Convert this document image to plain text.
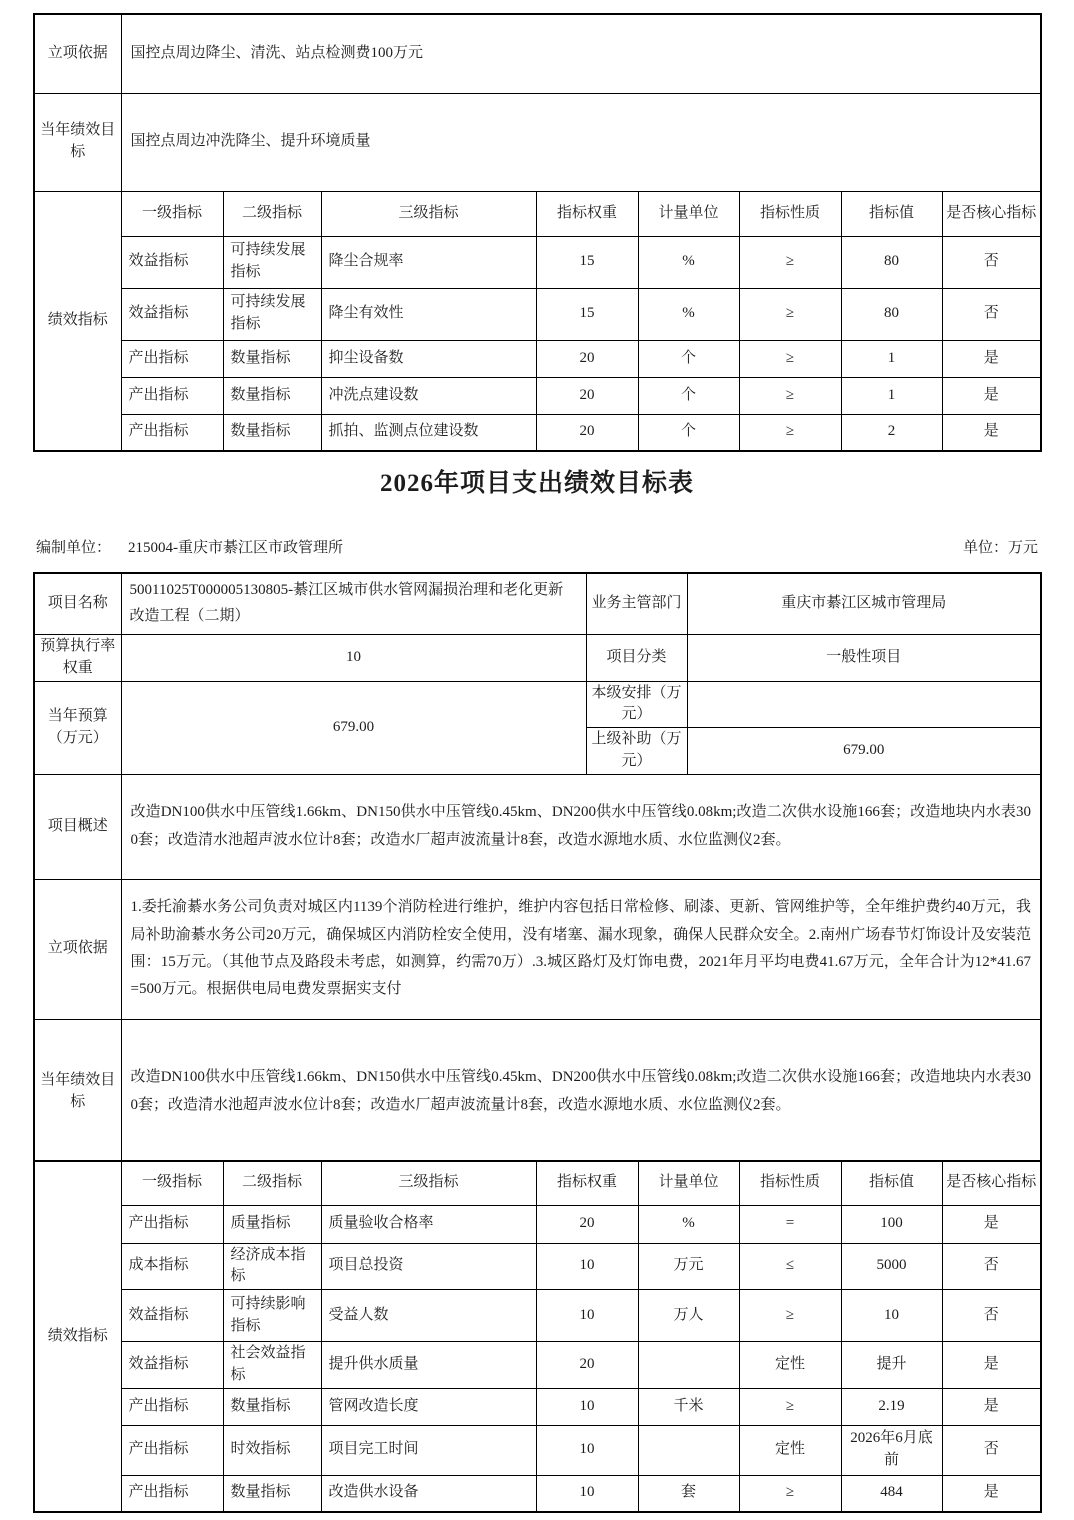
立项依据	国控点周边降尘、清洗、站点检测费100万元							
当年绩效目标	国控点周边冲洗降尘、提升环境质量							
绩效指标	一级指标	二级指标	三级指标	指标权重	计量单位	指标性质	指标值	是否核心指标
	效益指标	可持续发展指标	降尘合规率	15	%	≥	80	否
	效益指标	可持续发展指标	降尘有效性	15	%	≥	80	否
	产出指标	数量指标	抑尘设备数	20	个	≥	1	是
	产出指标	数量指标	冲洗点建设数	20	个	≥	1	是
	产出指标	数量指标	抓拍、监测点位建设数	20	个	≥	2	是
2026年项目支出绩效目标表
编制单位： 215004-重庆市綦江区市政管理所	单位：万元
项目名称	50011025T000005130805-綦江区城市供水管网漏损治理和老化更新改造工程（二期）	业务主管部门	重庆市綦江区城市管理局
预算执行率权重	10	项目分类	一般性项目
当年预算（万元）	679.00	本级安排（万元）	
		上级补助（万元）	679.00
项目概述	改造DN100供水中压管线1.66km、DN150供水中压管线0.45km、DN200供水中压管线0.08km;改造二次供水设施166套；改造地块内水表300套；改造清水池超声波水位计8套；改造水厂超声波流量计8套，改造水源地水质、水位监测仪2套。		
立项依据	1.委托渝綦水务公司负责对城区内1139个消防栓进行维护，维护内容包括日常检修、刷漆、更新、管网维护等，全年维护费约40万元，我局补助渝綦水务公司20万元，确保城区内消防栓安全使用，没有堵塞、漏水现象，确保人民群众安全。2.南州广场春节灯饰设计及安装范围：15万元。（其他节点及路段未考虑，如测算，约需70万）.3.城区路灯及灯饰电费，2021年月平均电费41.67万元，全年合计为12*41.67=500万元。根据供电局电费发票据实支付		
当年绩效目标	改造DN100供水中压管线1.66km、DN150供水中压管线0.45km、DN200供水中压管线0.08km;改造二次供水设施166套；改造地块内水表300套；改造清水池超声波水位计8套；改造水厂超声波流量计8套，改造水源地水质、水位监测仪2套。		
绩效指标	一级指标	二级指标	三级指标	指标权重	计量单位	指标性质	指标值	是否核心指标
	产出指标	质量指标	质量验收合格率	20	%	=	100	是
	成本指标	经济成本指标	项目总投资	10	万元	≤	5000	否
	效益指标	可持续影响指标	受益人数	10	万人	≥	10	否
	效益指标	社会效益指标	提升供水质量	20		定性	提升	是
	产出指标	数量指标	管网改造长度	10	千米	≥	2.19	是
	产出指标	时效指标	项目完工时间	10		定性	2026年6月底前	否
	产出指标	数量指标	改造供水设备	10	套	≥	484	是
